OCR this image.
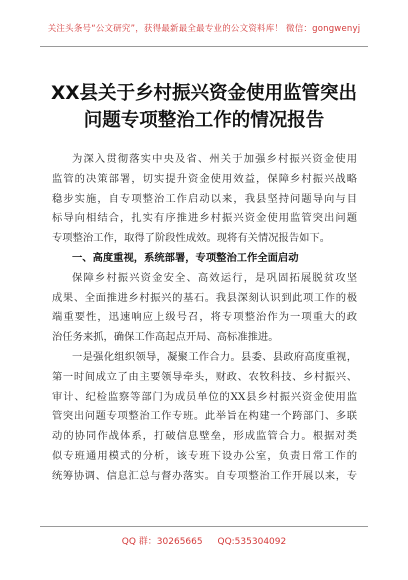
关注头条号“公文研究”，获得最新最全最专业的公文资料库！ 微信：gongwenyj
XX县关于乡村振兴资金使用监管突出
问题专项整治工作的情况报告

为深入贯彻落实中央及省、州关于加强乡村振兴资金使用
监管的决策部署，切实提升资金使用效益，保障乡村振兴战略
稳步实施，自专项整治工作启动以来，我县坚持问题导向与目
标导向相结合，扎实有序推进乡村振兴资金使用监管突出问题
专项整治工作，取得了阶段性成效。现将有关情况报告如下。

一、高度重视，系统部署，专项整治工作全面启动

保障乡村振兴资金安全、高效运行，是巩固拓展脱贫攻坚
成果、全面推进乡村振兴的基石。我县深刻认识到此项工作的极
端重要性，迅速响应上级号召，将专项整治作为一项重大的政
治任务来抓，确保工作高起点开局、高标准推进。

一是强化组织领导，凝聚工作合力。县委、县政府高度重视，
第一时间成立了由主要领导牵头，财政、农牧科技、乡村振兴、
审计、纪检监察等部门为成员单位的XX县乡村振兴资金使用监
管突出问题专项整治工作专班。此举旨在构建一个跨部门、多联
动的协同作战体系，打破信息壁垒，形成监管合力。根据对类
似专班通用模式的分析，该专班下设办公室，负责日常工作的
统筹协调、信息汇总与督办落实。自专项整治工作开展以来，专

QQ 群：30265665 QQ:535304092
